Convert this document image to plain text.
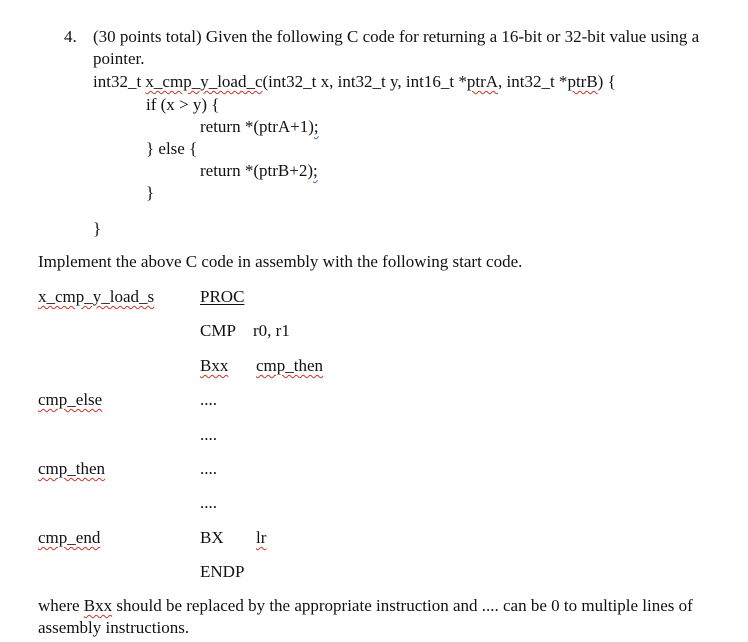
4. (30 points total) Given the following C code for returning a 16-bit or 32-bit value using a
pointer.
int32_t x_cmp_y_load_c(int32_t x, int32_t y, int16_t *ptrA, int32_t *ptrB) {
if (x > y) {
return *(ptrA+1);
} else {
return *(ptrB+2);
}
}
Implement the above C code in assembly with the following start code.
x_cmp_y_load_s	PROC
CMP r0, r1
Bxx cmp_then
cmp_else	....
....
cmp_then	....
....
cmp_end	BX lr
ENDP
where Bxx should be replaced by the appropriate instruction and .... can be 0 to multiple lines of
assembly instructions.
